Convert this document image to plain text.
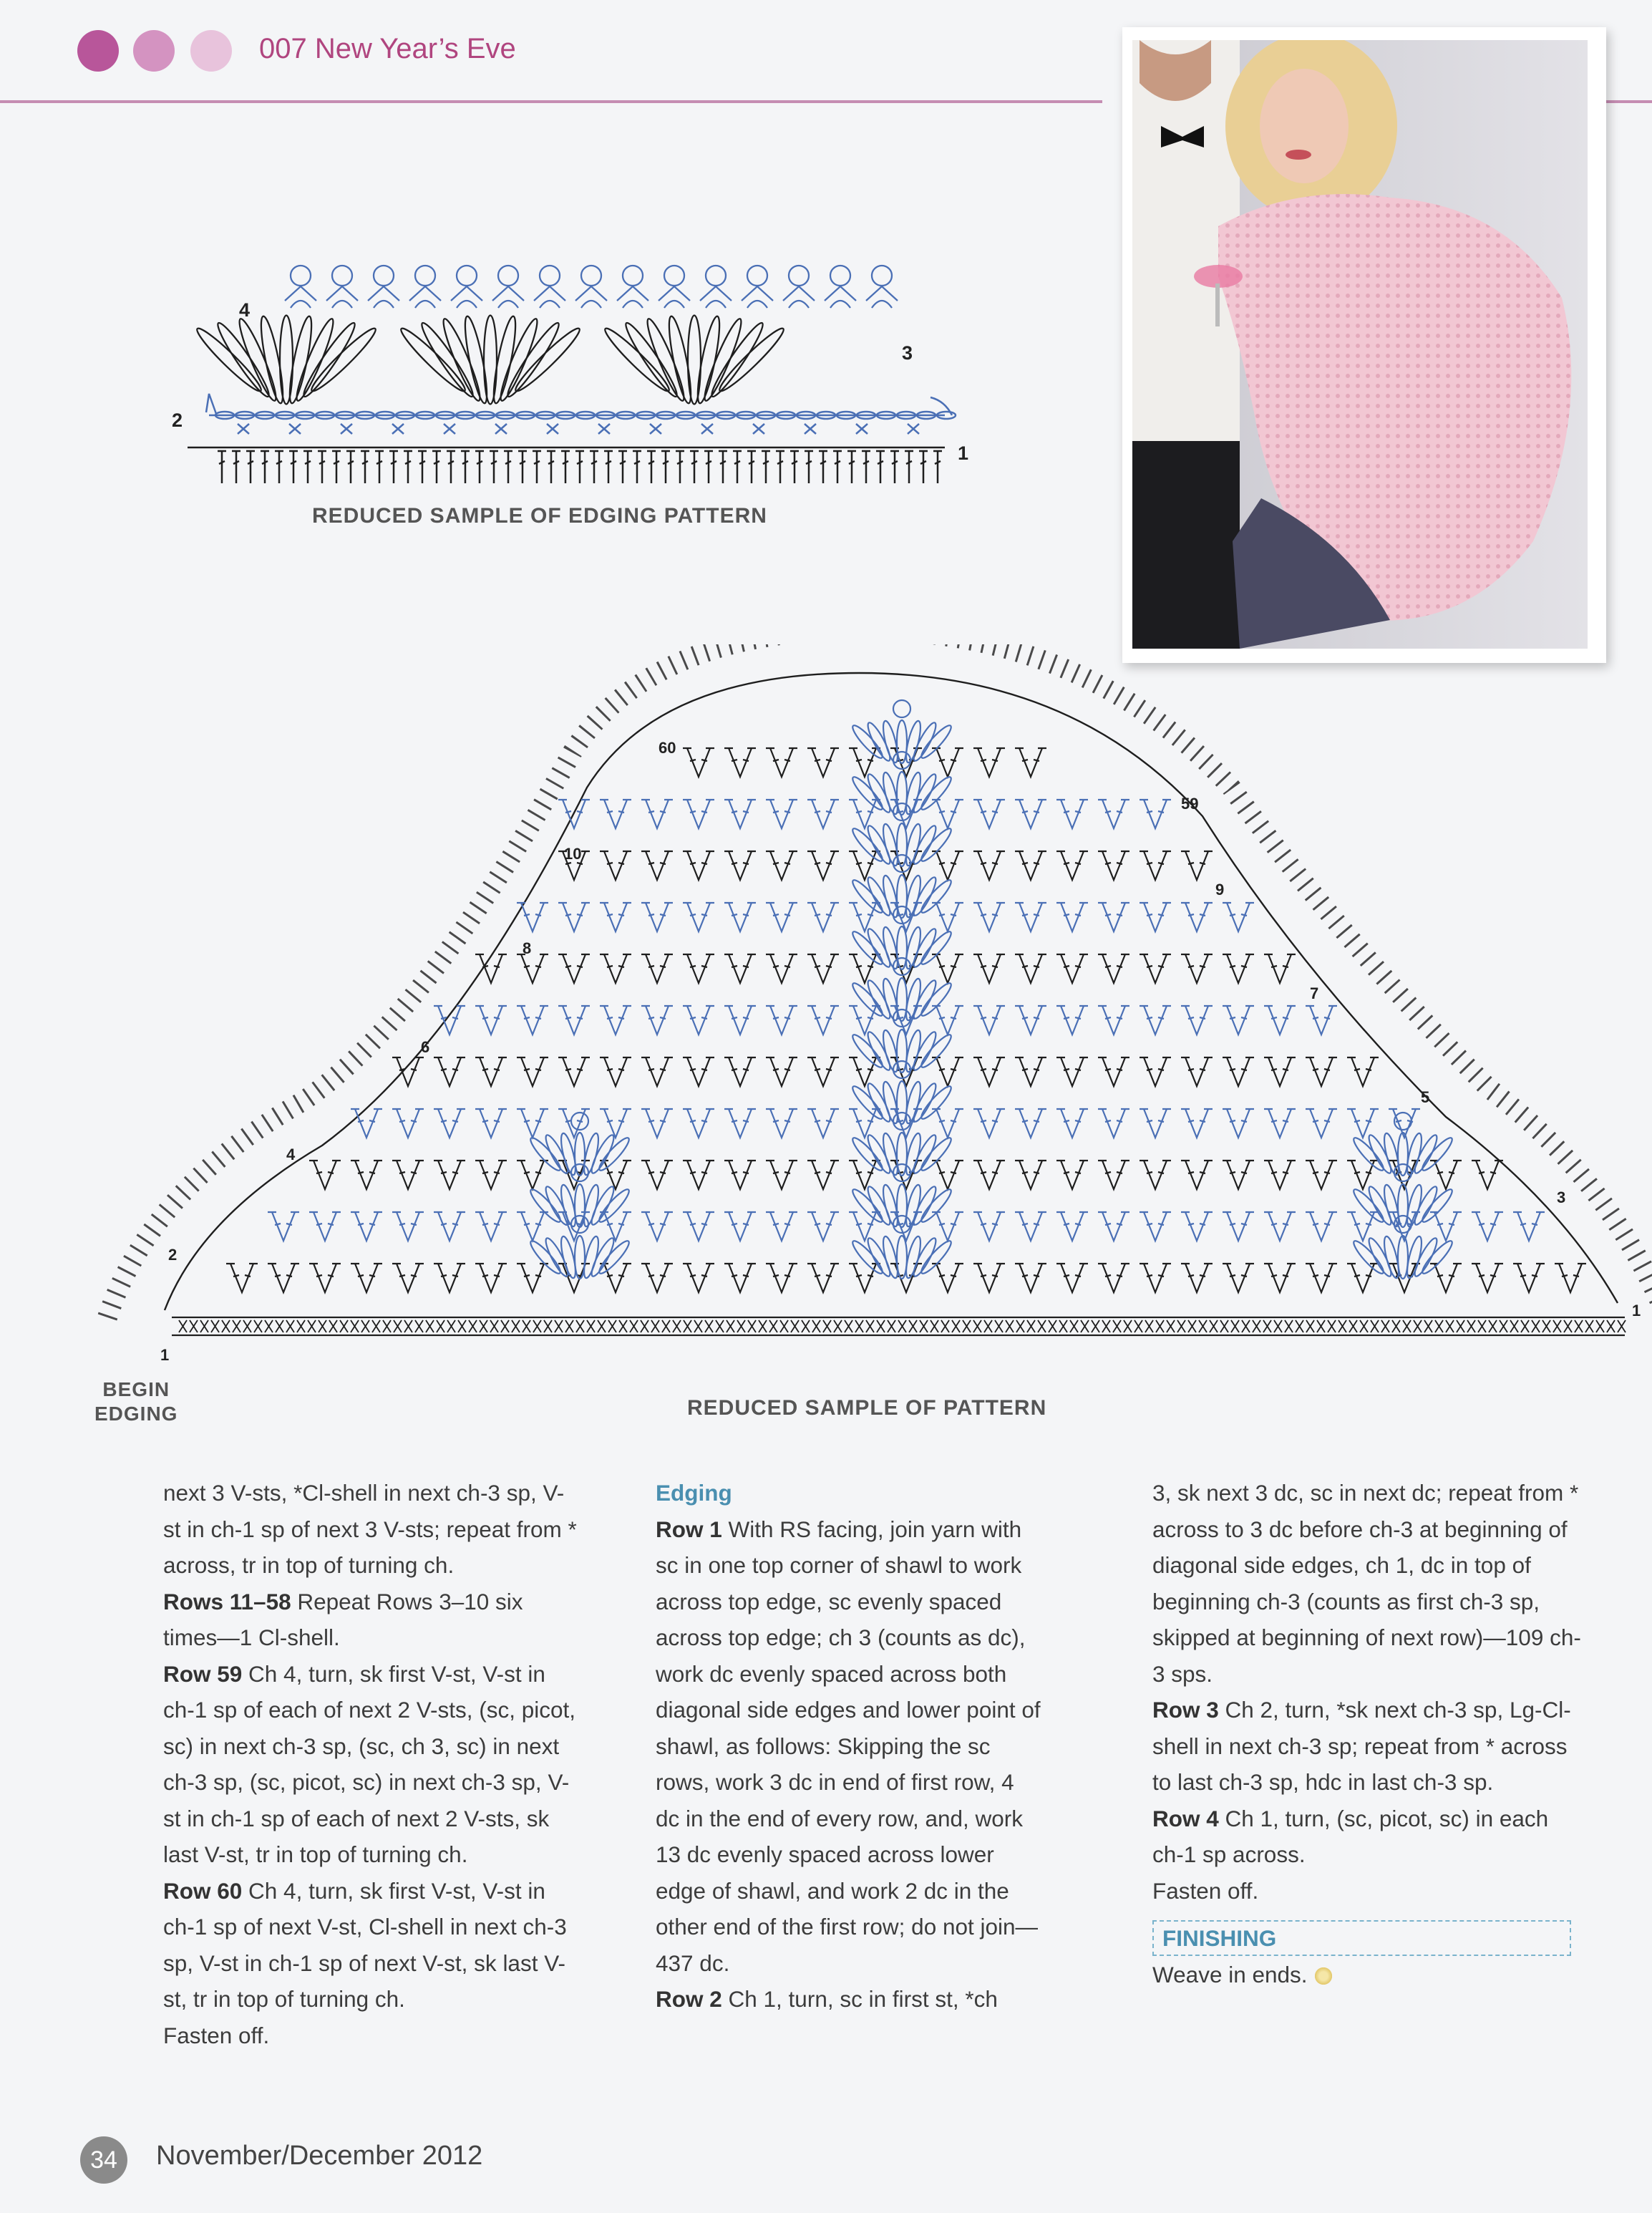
007 New Year’s Eve
2
4
3
1
REDUCED SAMPLE OF EDGING PATTERN
1
2
3
4
5
6
7
8
9
10
59
60
1
BEGIN
EDGING	REDUCED SAMPLE OF PATTERN

next 3 V-sts, *Cl-shell in next ch-3 sp, V-st in ch-1 sp of next 3 V-sts; repeat from * across, tr in top of turning ch.

Rows 11–58 Repeat Rows 3–10 six times—1 Cl-shell.

Row 59 Ch 4, turn, sk first V-st, V-st in ch-1 sp of each of next 2 V-sts, (sc, picot, sc) in next ch-3 sp, (sc, ch 3, sc) in next ch-3 sp, (sc, picot, sc) in next ch-3 sp, V-st in ch-1 sp of each of next 2 V-sts, sk last V-st, tr in top of turning ch.

Row 60 Ch 4, turn, sk first V-st, V-st in ch-1 sp of next V-st, Cl-shell in next ch-3 sp, V-st in ch-1 sp of next V-st, sk last V-st, tr in top of turning ch.

Fasten off.

Edging

Row 1 With RS facing, join yarn with sc in one top corner of shawl to work across top edge, sc evenly spaced across top edge; ch 3 (counts as dc), work dc evenly spaced across both diagonal side edges and lower point of shawl, as follows: Skipping the sc rows, work 3 dc in end of first row, 4 dc in the end of every row, and, work 13 dc evenly spaced across lower edge of shawl, and work 2 dc in the other end of the first row; do not join—437 dc.

Row 2 Ch 1, turn, sc in first st, *ch

3, sk next 3 dc, sc in next dc; repeat from * across to 3 dc before ch-3 at beginning of diagonal side edges, ch 1, dc in top of beginning ch-3 (counts as first ch-3 sp, skipped at beginning of next row)—109 ch-3 sps.

Row 3 Ch 2, turn, *sk next ch-3 sp, Lg-Cl-shell in next ch-3 sp; repeat from * across to last ch-3 sp, hdc in last ch-3 sp.

Row 4 Ch 1, turn, (sc, picot, sc) in each ch-1 sp across.

Fasten off.

FINISHING

Weave in ends.

34	November/December 2012
